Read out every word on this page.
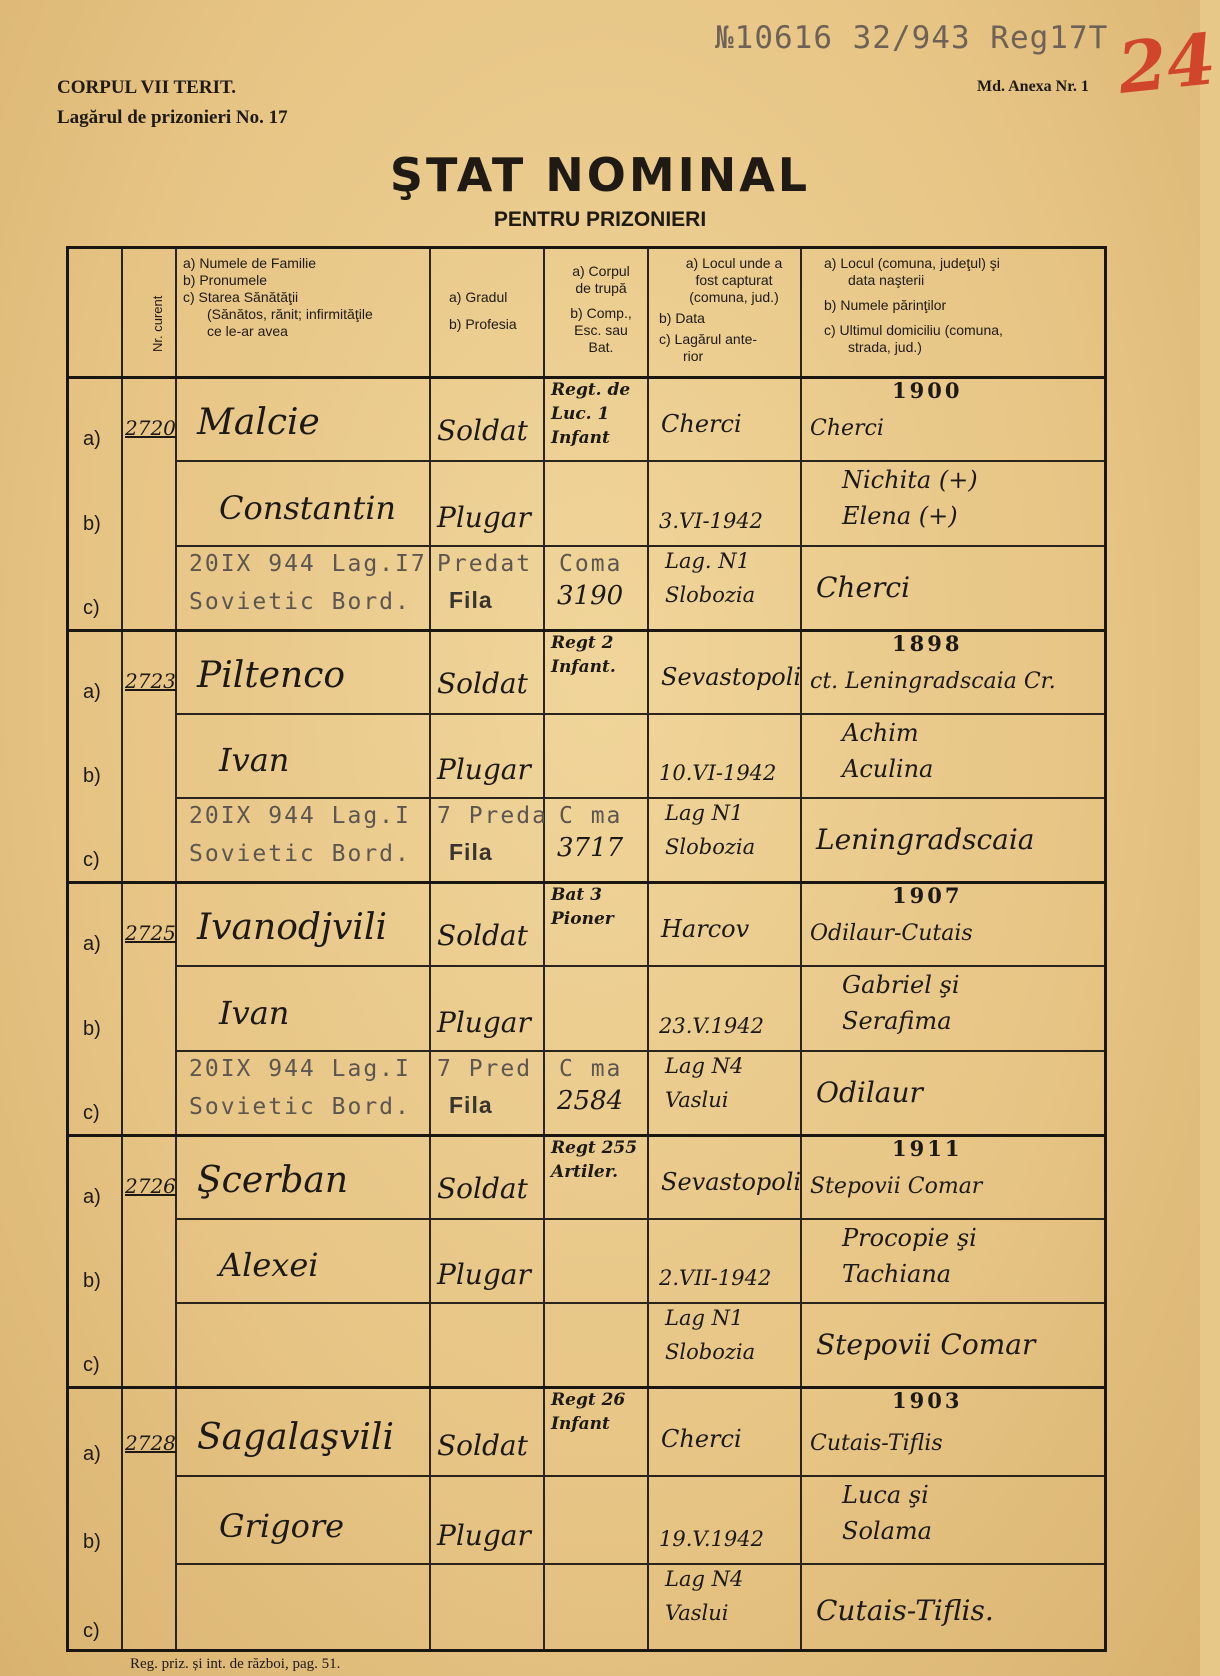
№10616 32/943 Reg17T 24
CORPUL VII TERIT.
Lagărul de prizonieri No. 17
Md. Anexa Nr. 1
ŞTAT NOMINAL
PENTRU PRIZONIERI
Nr. curent
a) Numele de Familie
b) Pronumele
c) Starea Sănătăţii
(Sănătos, rănit; infirmităţile
ce le-ar avea
a) Gradul
b) Profesia
a) Corpul
de trupă
b) Comp.,
Esc. sau
Bat.
a) Locul unde a
fost capturat
(comuna, jud.)
b) Data
c) Lagărul ante-
rior
a) Locul (comuna, judeţul) şi
data naşterii
b) Numele părinţilor
c) Ultimul domiciliu (comuna,
strada, jud.)
a)
b)
c)
2720 Malcie
Constantin
Soldat
Plugar
Regt. de
Luc. 1
Infant Cherci
3.VI-1942
Lag. N1
Slobozia
1900
Cherci
Nichita (+)
Elena (+)
Cherci
20IX 944 Lag.I7 Predat Coma
Sovietic Bord. Fila 3190
a)
b)
c)
2723 Piltenco
Ivan
Soldat
Plugar
Regt 2
Infant. Sevastopoli
10.VI-1942
Lag N1
Slobozia
1898
ct. Leningradscaia Cr.
Achim
Aculina
Leningradscaia
20IX 944 Lag.I 7 Preda C ma
Sovietic Bord. Fila 3717
a)
b)
c)
2725 Ivanodjvili
Ivan
Soldat
Plugar
Bat 3
Pioner Harcov
23.V.1942
Lag N4
Vaslui
1907
Odilaur-Cutais
Gabriel şi
Serafima
Odilaur
20IX 944 Lag.I 7 Pred C ma
Sovietic Bord. Fila 2584
a)
b)
c)
2726 Şcerban
Alexei
Soldat
Plugar
Regt 255
Artiler. Sevastopoli
2.VII-1942
Lag N1
Slobozia
1911
Stepovii Comar
Procopie şi
Tachiana
Stepovii Comar
a)
b)
c)
2728 Sagalaşvili
Grigore
Soldat
Plugar
Regt 26
Infant
Cherci
19.V.1942
Lag N4
Vaslui
1903
Cutais-Tiflis
Luca şi
Solama
Cutais-Tiflis.
Reg. priz. și int. de război, pag. 51.
